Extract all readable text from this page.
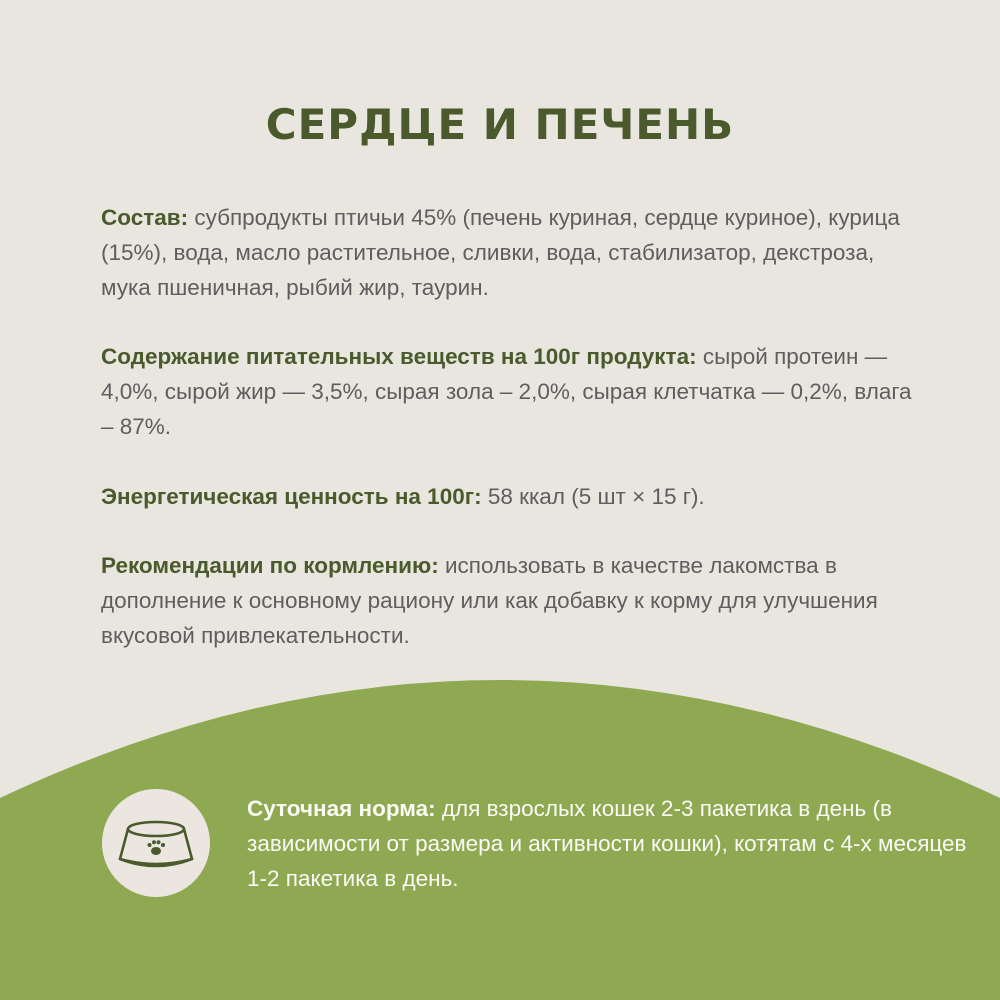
СЕРДЦЕ И ПЕЧЕНЬ

Состав: субпродукты птичьи 45% (печень куриная, сердце куриное), курица (15%), вода, масло растительное, сливки, вода, стабилизатор, декстроза, мука пшеничная, рыбий жир, таурин.

Содержание питательных веществ на 100г продукта: сырой протеин — 4,0%, сырой жир — 3,5%, сырая зола – 2,0%, сырая клетчатка — 0,2%, влага – 87%.

Энергетическая ценность на 100г: 58 ккал (5 шт × 15 г).

Рекомендации по кормлению: использовать в качестве лакомства в дополнение к основному рациону или как добавку к корму для улучшения вкусовой привлекательности.

Суточная норма: для взрослых кошек 2-3 пакетика в день (в зависимости от размера и активности кошки), котятам с 4-х месяцев 1-2 пакетика в день.
